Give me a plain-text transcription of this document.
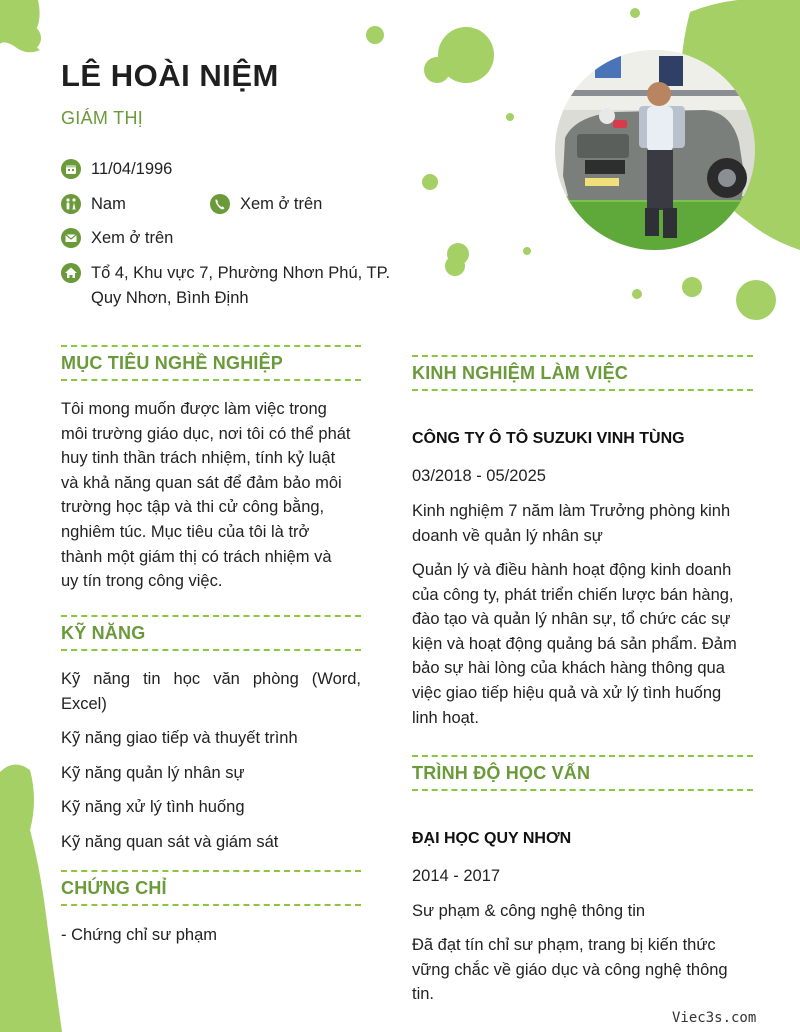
LÊ HOÀI NIỆM
GIÁM THỊ
11/04/1996
Nam	Xem ở trên
Xem ở trên
Tổ 4, Khu vực 7, Phường Nhơn Phú, TP.
Quy Nhơn, Bình Định
MỤC TIÊU NGHỀ NGHIỆP
Tôi mong muốn được làm việc trong
môi trường giáo dục, nơi tôi có thể phát
huy tinh thần trách nhiệm, tính kỷ luật
và khả năng quan sát để đảm bảo môi
trường học tập và thi cử công bằng,
nghiêm túc. Mục tiêu của tôi là trở
thành một giám thị có trách nhiệm và
uy tín trong công việc.
KỸ NĂNG
Kỹ năng tin học văn phòng (Word,
Excel)
Kỹ năng giao tiếp và thuyết trình
Kỹ năng quản lý nhân sự
Kỹ năng xử lý tình huống
Kỹ năng quan sát và giám sát
CHỨNG CHỈ
- Chứng chỉ sư phạm
KINH NGHIỆM LÀM VIỆC
CÔNG TY Ô TÔ SUZUKI VINH TÙNG
03/2018 - 05/2025
Kinh nghiệm 7 năm làm Trưởng phòng kinh
doanh về quản lý nhân sự
Quản lý và điều hành hoạt động kinh doanh
của công ty, phát triển chiến lược bán hàng,
đào tạo và quản lý nhân sự, tổ chức các sự
kiện và hoạt động quảng bá sản phẩm. Đảm
bảo sự hài lòng của khách hàng thông qua
việc giao tiếp hiệu quả và xử lý tình huống
linh hoạt.
TRÌNH ĐỘ HỌC VẤN
ĐẠI HỌC QUY NHƠN
2014 - 2017
Sư phạm & công nghệ thông tin
Đã đạt tín chỉ sư phạm, trang bị kiến thức
vững chắc về giáo dục và công nghệ thông
tin.
Viec3s.com
